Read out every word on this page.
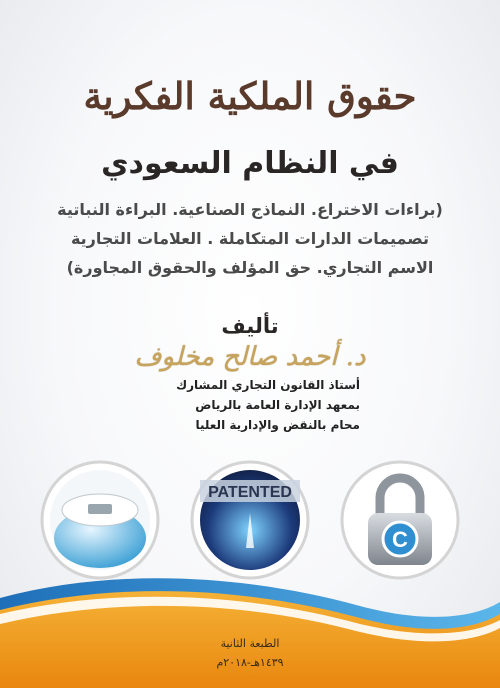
حقوق الملكية الفكرية
في النظام السعودي
(براءات الاختراع. النماذج الصناعية. البراءة النباتية
تصميمات الدارات المتكاملة . العلامات التجارية
الاسم التجاري. حق المؤلف والحقوق المجاورة)
تأليف
د. أحمد صالح مخلوف
أستاذ القانون التجاري المشارك
بمعهد الإدارة العامة بالرياض
محام بالنقض والإدارية العليا
PATENTED
C
الطبعة الثانية
١٤٣٩هـ-٢٠١٨م
